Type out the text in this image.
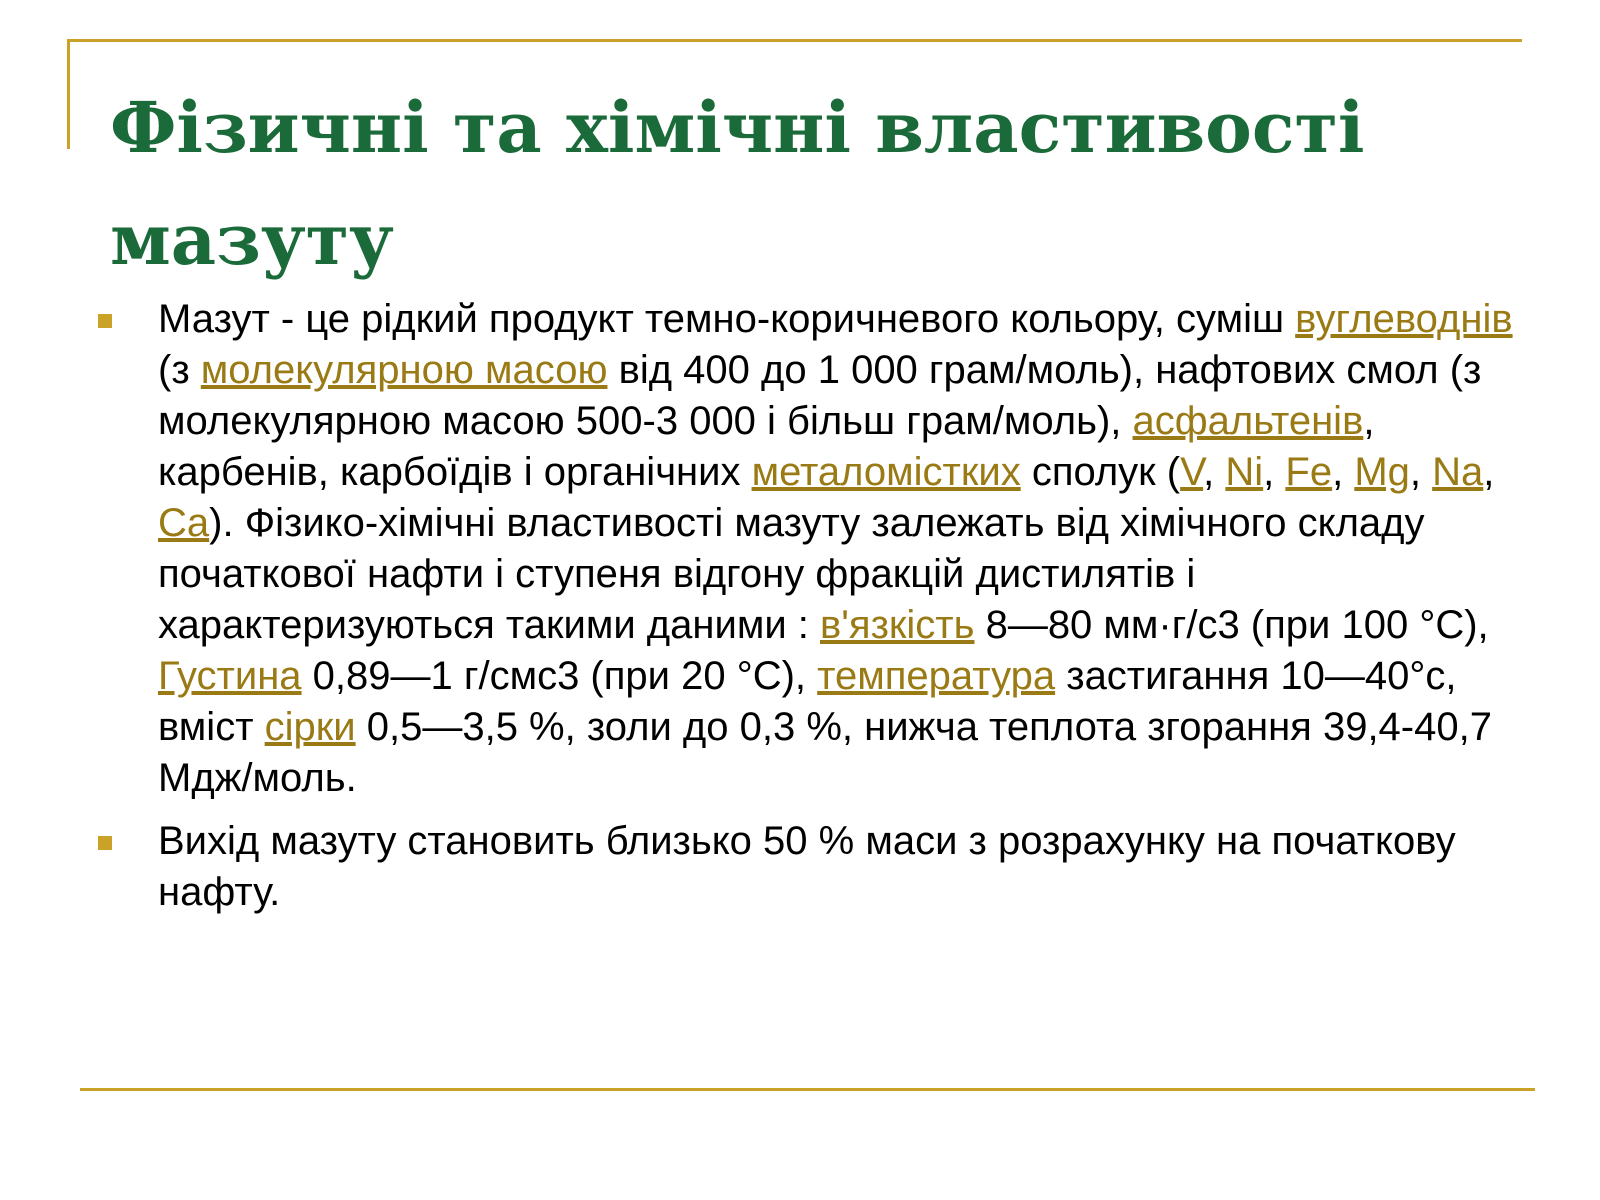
Фізичні та хімічні властивості мазуту
Мазут - це рідкий продукт темно-коричневого кольору, суміш вуглеводнів (з молекулярною масою від 400 до 1 000 грам/моль), нафтових смол (з молекулярною масою 500-3 000 і більш грам/моль), асфальтенів, карбенів, карбоїдів і органічних металомістких сполук (V, Ni, Fe, Mg, Na, Ca). Фізико-хімічні властивості мазуту залежать від хімічного складу початкової нафти і ступеня відгону фракцій дистилятів і характеризуються такими даними : в'язкість 8—80 мм·г/с3 (при 100 °С), Густина 0,89—1 г/смс3 (при 20 °С), температура застигання 10—40°с, вміст сірки 0,5—3,5 %, золи до 0,3 %, нижча теплота згорання 39,4-40,7 Мдж/моль.
Вихід мазуту становить близько 50 % маси з розрахунку на початкову нафту.
